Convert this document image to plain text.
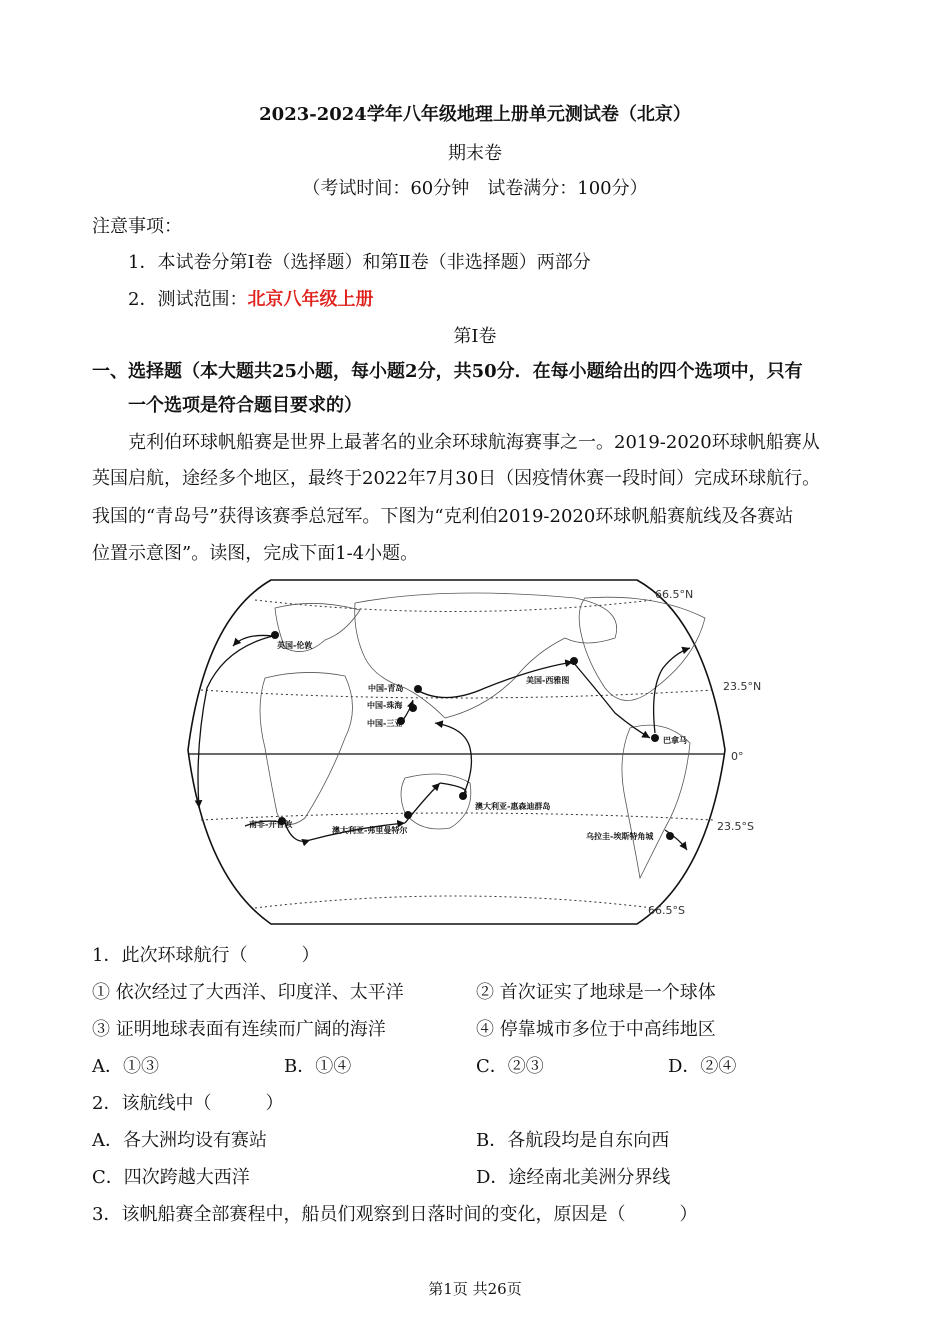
2023-2024学年八年级地理上册单元测试卷（北京）
期末卷
（考试时间：60分钟　试卷满分：100分）
注意事项：
1．本试卷分第Ⅰ卷（选择题）和第Ⅱ卷（非选择题）两部分
2．测试范围：北京八年级上册
第Ⅰ卷
一、选择题（本大题共25小题，每小题2分，共50分．在每小题给出的四个选项中，只有
一个选项是符合题目要求的）
克利伯环球帆船赛是世界上最著名的业余环球航海赛事之一。2019-2020环球帆船赛从
英国启航，途经多个地区，最终于2022年7月30日（因疫情休赛一段时间）完成环球航行。
我国的“青岛号”获得该赛季总冠军。下图为“克利伯2019-2020环球帆船赛航线及各赛站
位置示意图”。读图，完成下面1-4小题。
英国-伦敦
中国-青岛
中国-珠海
中国-三亚
美国-西雅图
巴拿马
澳大利亚-惠森迪群岛
南非-开普敦
澳大利亚-弗里曼特尔
乌拉圭-埃斯特角城
66.5°N
23.5°N
0°
23.5°S
66.5°S
1．此次环球航行（　　　）
① 依次经过了大西洋、印度洋、太平洋	② 首次证实了地球是一个球体
③ 证明地球表面有连续而广阔的海洋	④ 停靠城市多位于中高纬地区
A．①③	B．①④	C．②③	D．②④
2．该航线中（　　　）
A．各大洲均设有赛站	B．各航段均是自东向西
C．四次跨越大西洋	D．途经南北美洲分界线
3．该帆船赛全部赛程中，船员们观察到日落时间的变化，原因是（　　　）
第1页 共26页
